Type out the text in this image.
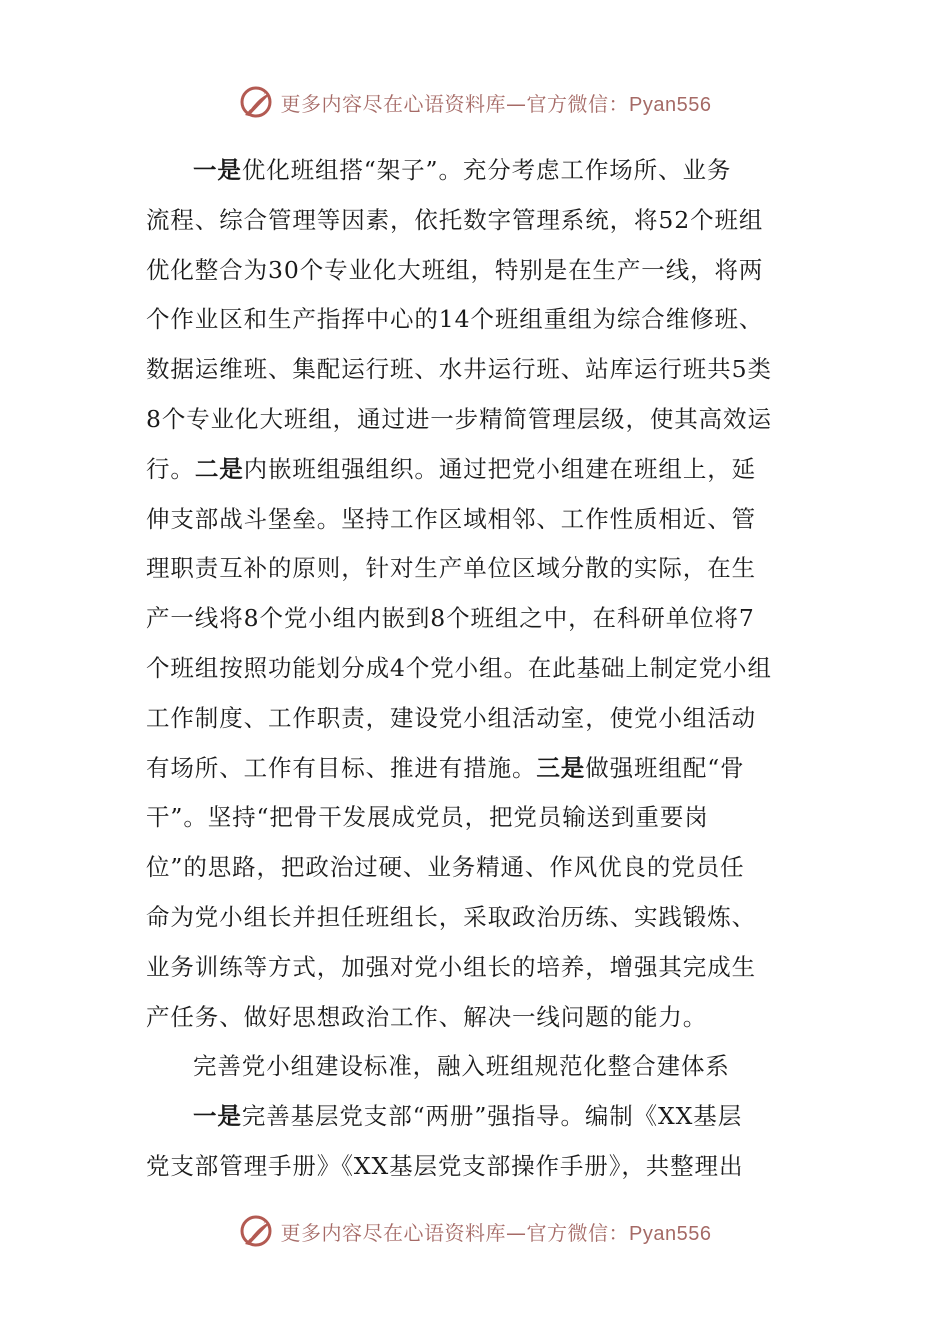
更多内容尽在心语资料库—官方微信：Pyan556
一是优化班组搭“架子”。充分考虑工作场所、业务
流程、综合管理等因素，依托数字管理系统，将52个班组
优化整合为30个专业化大班组，特别是在生产一线，将两
个作业区和生产指挥中心的14个班组重组为综合维修班、
数据运维班、集配运行班、水井运行班、站库运行班共5类
8个专业化大班组，通过进一步精简管理层级，使其高效运
行。二是内嵌班组强组织。通过把党小组建在班组上，延
伸支部战斗堡垒。坚持工作区域相邻、工作性质相近、管
理职责互补的原则，针对生产单位区域分散的实际，在生
产一线将8个党小组内嵌到8个班组之中，在科研单位将7
个班组按照功能划分成4个党小组。在此基础上制定党小组
工作制度、工作职责，建设党小组活动室，使党小组活动
有场所、工作有目标、推进有措施。三是做强班组配“骨
干”。坚持“把骨干发展成党员，把党员输送到重要岗
位”的思路，把政治过硬、业务精通、作风优良的党员任
命为党小组长并担任班组长，采取政治历练、实践锻炼、
业务训练等方式，加强对党小组长的培养，增强其完成生
产任务、做好思想政治工作、解决一线问题的能力。
完善党小组建设标准，融入班组规范化整合建体系
一是完善基层党支部“两册”强指导。编制《XX基层
党支部管理手册》《XX基层党支部操作手册》，共整理出
更多内容尽在心语资料库—官方微信：Pyan556
